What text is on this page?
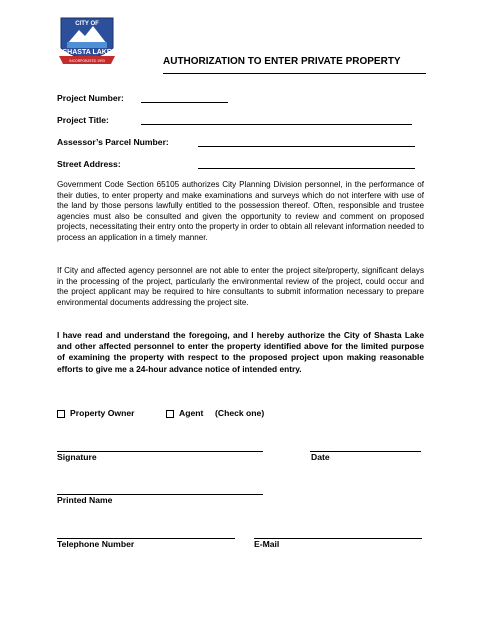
CITY OF
SHASTA LAKE
INCORPORATED 1993	AUTHORIZATION TO ENTER PRIVATE PROPERTY
Project Number:
Project Title:
Assessor’s Parcel Number:
Street Address:
Government Code Section 65105 authorizes City Planning Division personnel, in the performance of their duties, to enter property and make examinations and surveys which do not interfere with use of the land by those persons lawfully entitled to the possession thereof. Often, responsible and trustee agencies must also be consulted and given the opportunity to review and comment on proposed projects, necessitating their entry onto the property in order to obtain all relevant information needed to process an application in a timely manner.
If City and affected agency personnel are not able to enter the project site/property, significant delays in the processing of the project, particularly the environmental review of the project, could occur and the project applicant may be required to hire consultants to submit information necessary to prepare environmental documents addressing the project site.
I have read and understand the foregoing, and I hereby authorize the City of Shasta Lake and other affected personnel to enter the property identified above for the limited purpose of examining the property with respect to the proposed project upon making reasonable efforts to give me a 24-hour advance notice of intended entry.
Property Owner	Agent (Check one)
Signature	Date
Printed Name
Telephone Number	E-Mail
